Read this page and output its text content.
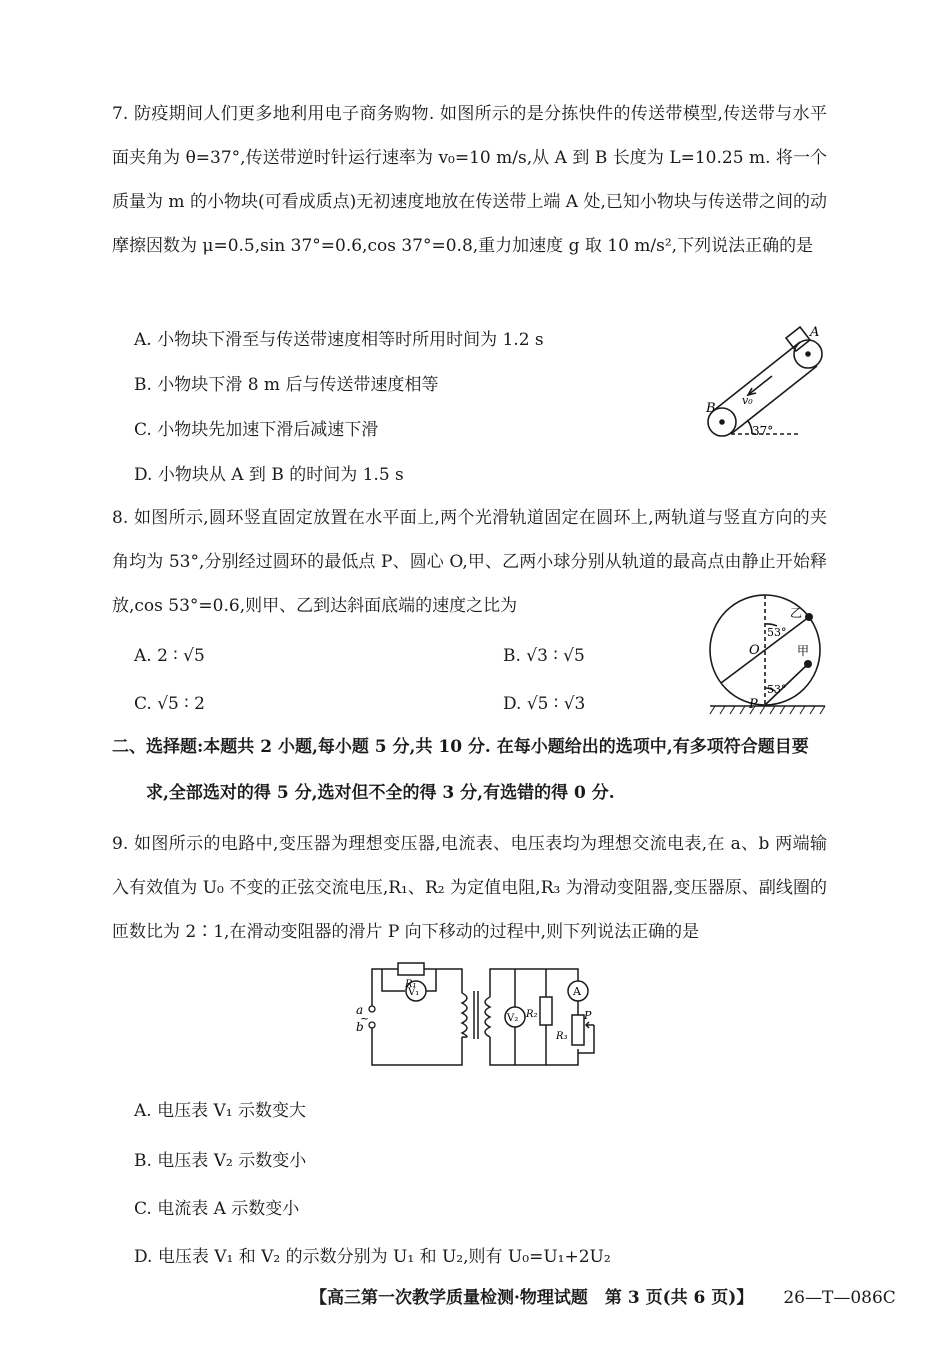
7. 防疫期间人们更多地利用电子商务购物. 如图所示的是分拣快件的传送带模型,传送带与水平面夹角为 θ=37°,传送带逆时针运行速率为 v₀=10 m/s,从 A 到 B 长度为 L=10.25 m. 将一个质量为 m 的小物块(可看成质点)无初速度地放在传送带上端 A 处,已知小物块与传送带之间的动摩擦因数为 μ=0.5,sin 37°=0.6,cos 37°=0.8,重力加速度 g 取 10 m/s²,下列说法正确的是
A. 小物块下滑至与传送带速度相等时所用时间为 1.2 s
B. 小物块下滑 8 m 后与传送带速度相等
C. 小物块先加速下滑后减速下滑
D. 小物块从 A 到 B 的时间为 1.5 s
A
B
v₀
37°
8. 如图所示,圆环竖直固定放置在水平面上,两个光滑轨道固定在圆环上,两轨道与竖直方向的夹角均为 53°,分别经过圆环的最低点 P、圆心 O,甲、乙两小球分别从轨道的最高点由静止开始释放,cos 53°=0.6,则甲、乙到达斜面底端的速度之比为
A. 2 ∶ √5	B. √3 ∶ √5
C. √5 ∶ 2	D. √5 ∶ √3
乙
甲
O
P
53°
53°
二、选择题:本题共 2 小题,每小题 5 分,共 10 分. 在每小题给出的选项中,有多项符合题目要
求,全部选对的得 5 分,选对但不全的得 3 分,有选错的得 0 分.
9. 如图所示的电路中,变压器为理想变压器,电流表、电压表均为理想交流电表,在 a、b 两端输入有效值为 U₀ 不变的正弦交流电压,R₁、R₂ 为定值电阻,R₃ 为滑动变阻器,变压器原、副线圈的匝数比为 2∶1,在滑动变阻器的滑片 P 向下移动的过程中,则下列说法正确的是
a
b
~
R₁
V₁
V₂ R₂
R₃
P
A
A. 电压表 V₁ 示数变大
B. 电压表 V₂ 示数变小
C. 电流表 A 示数变小
D. 电压表 V₁ 和 V₂ 的示数分别为 U₁ 和 U₂,则有 U₀=U₁+2U₂
【高三第一次教学质量检测·物理试题　第 3 页(共 6 页)】 26—T—086C
